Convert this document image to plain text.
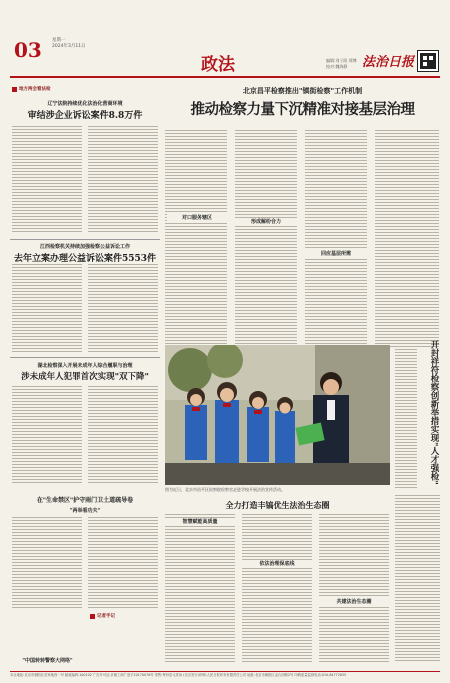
03 星期一
2024年3月11日
政法	编辑:刘子阳 郑博
校对:魏海静 法治日报
地方两会看法检
辽宁法院持续优化法治化营商环境
审结涉企业诉讼案件8.8万件
江西检察机关持续加强检察公益诉讼工作
去年立案办理公益诉讼案件5553件
湖北检察深入开展未成年人综合履职与治理
涉未成年人犯罪首次实现"双下降"
北京昌平检察推出"镇街检察"工作机制
推动检察力量下沉精准对接基层治理
对口服务辖区
形成解纷合力
回应基层所需
开封祥符检察创新举措实现"人才强检"
图为近日，北京市昌平区检察院检察官走进学校开展法治宣传活动。
在"生命禁区"护守雨门卫土道疏导卷
"两举看功夫"
"中国转转警察大网络"
记者手记
全力打造丰镐优生法治生态圈
智慧赋能高质量
依法治理保底线
共建法治生态圈
本社地址:北京市朝阳区花家地西一号 邮政编码:100102 广告许可证:京朝工商广登字20170076号 零售:每份壹元贰角 (北京发行)印刷:人民日报印务有限责任公司 地址:北京市朝阳区金台西路2号 印刷质量监督电话:010-84772835
